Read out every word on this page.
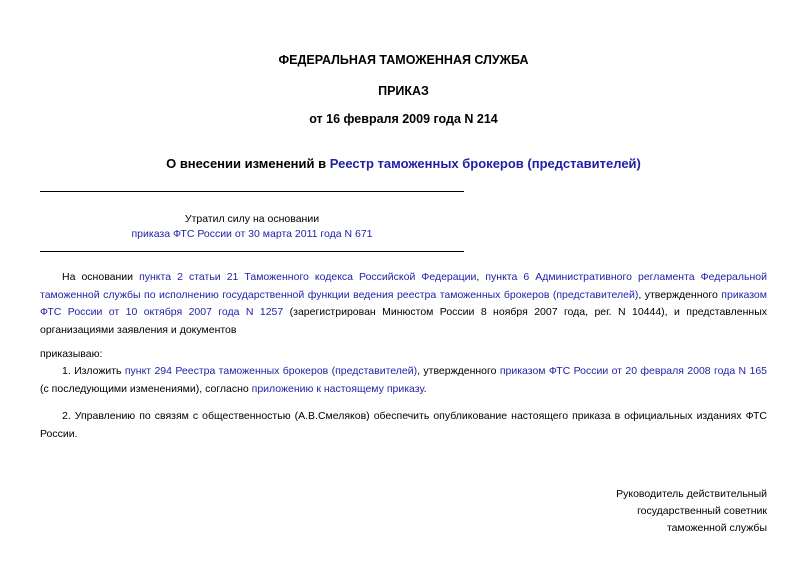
ФЕДЕРАЛЬНАЯ ТАМОЖЕННАЯ СЛУЖБА
ПРИКАЗ
от 16 февраля 2009 года N 214
О внесении изменений в Реестр таможенных брокеров (представителей)
Утратил силу на основании
приказа ФТС России от 30 марта 2011 года N 671
На основании пункта 2 статьи 21 Таможенного кодекса Российской Федерации, пункта 6 Административного регламента Федеральной таможенной службы по исполнению государственной функции ведения реестра таможенных брокеров (представителей), утвержденного приказом ФТС России от 10 октября 2007 года N 1257 (зарегистрирован Минюстом России 8 ноября 2007 года, рег. N 10444), и представленных организациями заявления и документов
приказываю:
1. Изложить пункт 294 Реестра таможенных брокеров (представителей), утвержденного приказом ФТС России от 20 февраля 2008 года N 165 (с последующими изменениями), согласно приложению к настоящему приказу.
2. Управлению по связям с общественностью (А.В.Смеляков) обеспечить опубликование настоящего приказа в официальных изданиях ФТС России.
Руководитель действительный
государственный советник
таможенной службы
